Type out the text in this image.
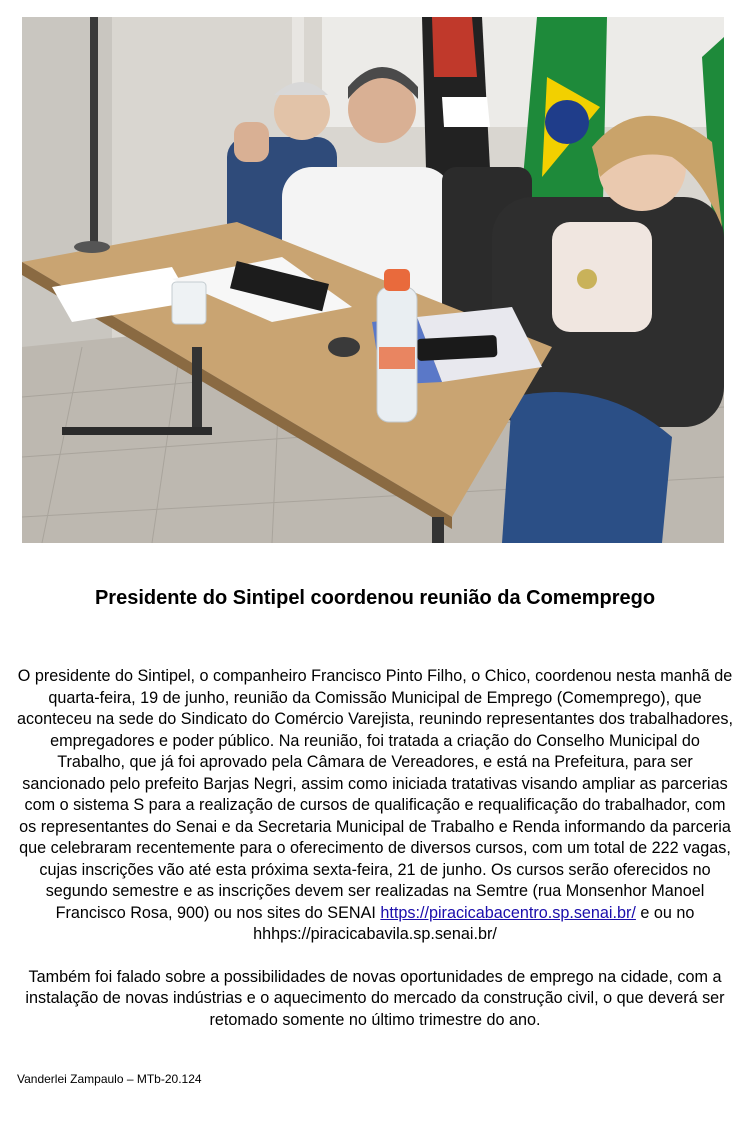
Presidente do Sintipel coordenou reunião da Comemprego

O presidente do Sintipel, o companheiro Francisco Pinto Filho, o Chico, coordenou nesta manhã de quarta-feira, 19 de junho, reunião da Comissão Municipal de Emprego (Comemprego), que aconteceu na sede do Sindicato do Comércio Varejista, reunindo representantes dos trabalhadores, empregadores e poder público. Na reunião, foi tratada a criação do Conselho Municipal do Trabalho, que já foi aprovado pela Câmara de Vereadores, e está na Prefeitura, para ser sancionado pelo prefeito Barjas Negri, assim como iniciada tratativas visando ampliar as parcerias com o sistema S para a realização de cursos de qualificação e requalificação do trabalhador, com os representantes do Senai e da Secretaria Municipal de Trabalho e Renda informando da parceria que celebraram recentemente para o oferecimento de diversos cursos, com um total de 222 vagas, cujas inscrições vão até esta próxima sexta-feira, 21 de junho. Os cursos serão oferecidos no segundo semestre e as inscrições devem ser realizadas na Semtre (rua Monsenhor Manoel Francisco Rosa, 900) ou nos sites do SENAI https://piracicabacentro.sp.senai.br/ e ou no hhhps://piracicabavila.sp.senai.br/

Também foi falado sobre a possibilidades de novas oportunidades de emprego na cidade, com a instalação de novas indústrias e o aquecimento do mercado da construção civil, o que deverá ser retomado somente no último trimestre do ano.

Vanderlei Zampaulo – MTb-20.124
